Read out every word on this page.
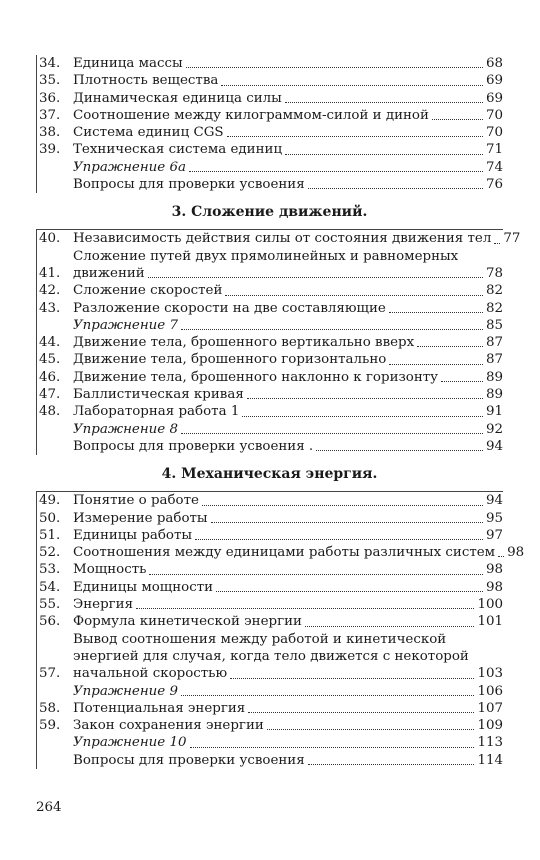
34. Единица массы	68
35. Плотность вещества	69
36. Динамическая единица силы	69
37. Соотношение между килограммом-силой и диной	70
38. Система единиц CGS	70
39. Техническая система единиц	71
Упражнение 6а	74
Вопросы для проверки усвоения	76
3. Сложение движений.
40. Независимость действия силы от состояния движения тел 77
41.
Сложение путей двух прямолинейных и равномерных
движений	78
42. Сложение скоростей	82
43. Разложение скорости на две составляющие	82
Упражнение 7	85
44. Движение тела, брошенного вертикально вверх	87
45. Движение тела, брошенного горизонтально	87
46. Движение тела, брошенного наклонно к горизонту	89
47. Баллистическая кривая	89
48. Лабораторная работа 1	91
Упражнение 8	92
Вопросы для проверки усвоения .	94
4. Механическая энергия.
49. Понятие о работе	94
50. Измерение работы	95
51. Единицы работы	97
52. Соотношения между единицами работы различных систем 98
53. Мощность	98
54. Единицы мощности	98
55. Энергия	100
56. Формула кинетической энергии	101
57.
Вывод соотношения между работой и кинетической
энергией для случая, когда тело движется с некоторой
начальной скоростью	103
Упражнение 9	106
58. Потенциальная энергия	107
59. Закон сохранения энергии	109
Упражнение 10	113
Вопросы для проверки усвоения	114
264
